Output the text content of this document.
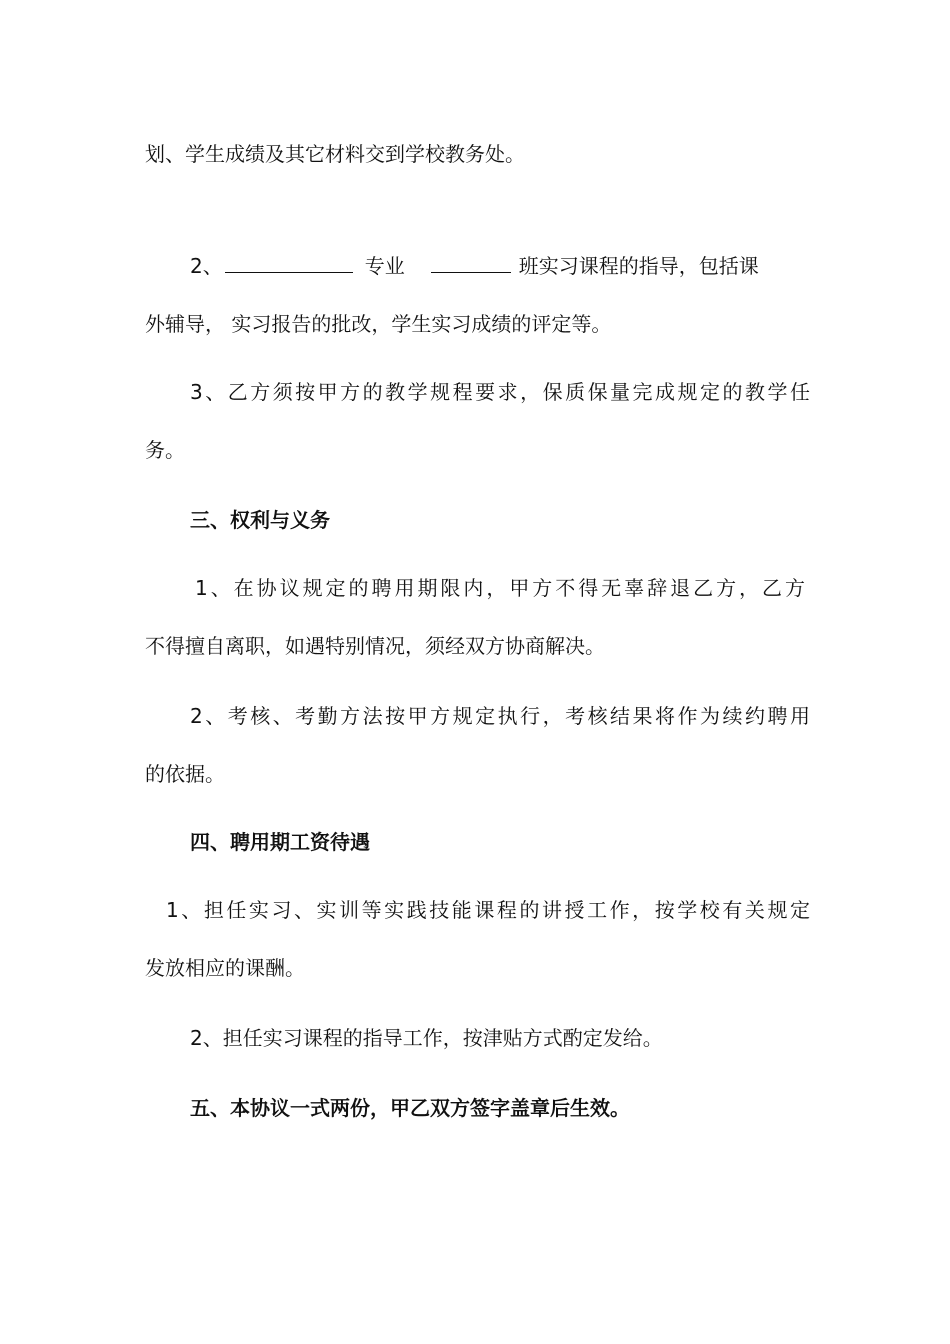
划、学生成绩及其它材料交到学校教务处。
2、	专业	班实习课程的指导，包括课
外辅导， 实习报告的批改，学生实习成绩的评定等。
3、乙方须按甲方的教学规程要求，保质保量完成规定的教学任
务。
三、权利与义务
1、在协议规定的聘用期限内，甲方不得无辜辞退乙方，乙方
不得擅自离职，如遇特别情况，须经双方协商解决。
2、考核、考勤方法按甲方规定执行，考核结果将作为续约聘用
的依据。
四、聘用期工资待遇
1、担任实习、实训等实践技能课程的讲授工作，按学校有关规定
发放相应的课酬。
2、担任实习课程的指导工作，按津贴方式酌定发给。
五、本协议一式两份，甲乙双方签字盖章后生效。
